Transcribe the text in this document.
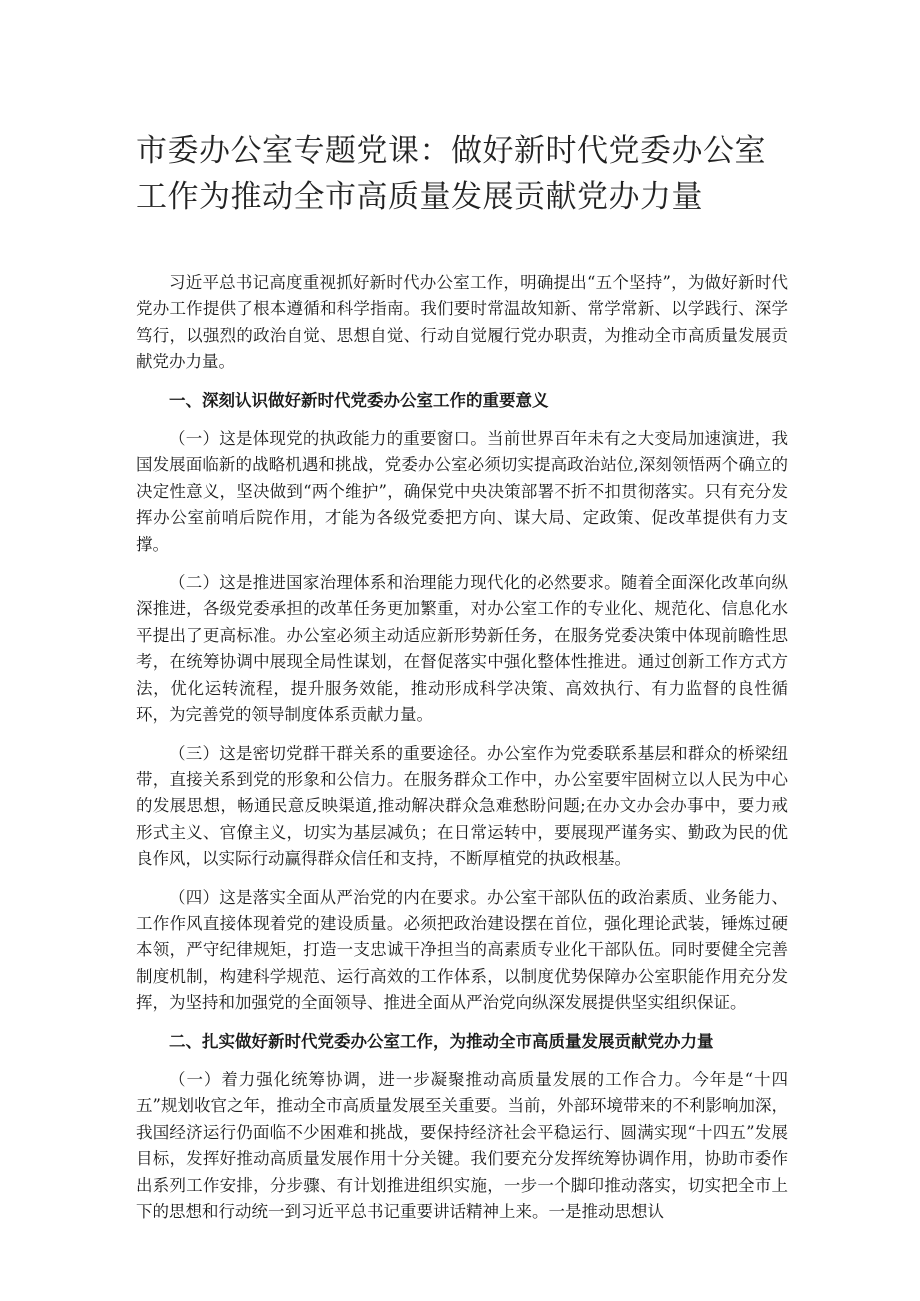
市委办公室专题党课：做好新时代党委办公室工作为推动全市高质量发展贡献党办力量

习近平总书记高度重视抓好新时代办公室工作，明确提出“五个坚持”，为做好新时代党办工作提供了根本遵循和科学指南。我们要时常温故知新、常学常新、以学践行、深学笃行，以强烈的政治自觉、思想自觉、行动自觉履行党办职责，为推动全市高质量发展贡献党办力量。

一、深刻认识做好新时代党委办公室工作的重要意义

（一）这是体现党的执政能力的重要窗口。当前世界百年未有之大变局加速演进，我国发展面临新的战略机遇和挑战，党委办公室必须切实提高政治站位,深刻领悟两个确立的决定性意义，坚决做到“两个维护”，确保党中央决策部署不折不扣贯彻落实。只有充分发挥办公室前哨后院作用，才能为各级党委把方向、谋大局、定政策、促改革提供有力支撑。

（二）这是推进国家治理体系和治理能力现代化的必然要求。随着全面深化改革向纵深推进，各级党委承担的改革任务更加繁重，对办公室工作的专业化、规范化、信息化水平提出了更高标准。办公室必须主动适应新形势新任务，在服务党委决策中体现前瞻性思考，在统筹协调中展现全局性谋划，在督促落实中强化整体性推进。通过创新工作方式方法，优化运转流程，提升服务效能，推动形成科学决策、高效执行、有力监督的良性循环，为完善党的领导制度体系贡献力量。

（三）这是密切党群干群关系的重要途径。办公室作为党委联系基层和群众的桥梁纽带，直接关系到党的形象和公信力。在服务群众工作中，办公室要牢固树立以人民为中心的发展思想，畅通民意反映渠道,推动解决群众急难愁盼问题;在办文办会办事中，要力戒形式主义、官僚主义，切实为基层减负；在日常运转中，要展现严谨务实、勤政为民的优良作风，以实际行动赢得群众信任和支持，不断厚植党的执政根基。

（四）这是落实全面从严治党的内在要求。办公室干部队伍的政治素质、业务能力、工作作风直接体现着党的建设质量。必须把政治建设摆在首位，强化理论武装，锤炼过硬本领，严守纪律规矩，打造一支忠诚干净担当的高素质专业化干部队伍。同时要健全完善制度机制，构建科学规范、运行高效的工作体系，以制度优势保障办公室职能作用充分发挥，为坚持和加强党的全面领导、推进全面从严治党向纵深发展提供坚实组织保证。

二、扎实做好新时代党委办公室工作，为推动全市高质量发展贡献党办力量

（一）着力强化统筹协调，进一步凝聚推动高质量发展的工作合力。今年是“十四五”规划收官之年，推动全市高质量发展至关重要。当前，外部环境带来的不利影响加深，我国经济运行仍面临不少困难和挑战，要保持经济社会平稳运行、圆满实现“十四五”发展目标，发挥好推动高质量发展作用十分关键。我们要充分发挥统筹协调作用，协助市委作出系列工作安排，分步骤、有计划推进组织实施，一步一个脚印推动落实，切实把全市上下的思想和行动统一到习近平总书记重要讲话精神上来。一是推动思想认
